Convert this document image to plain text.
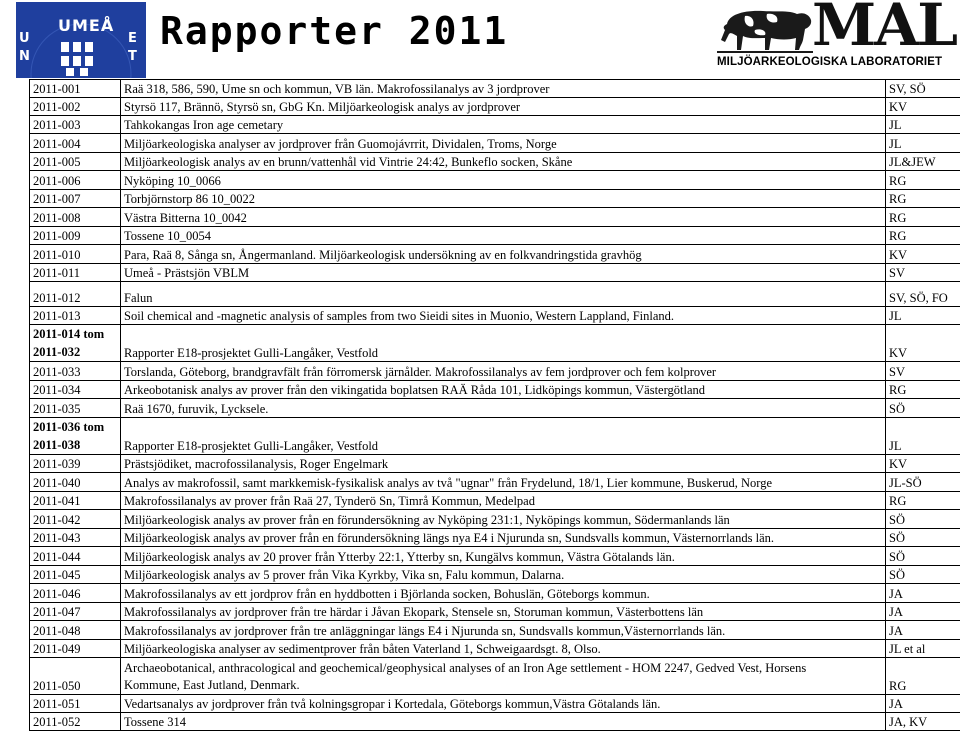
UMEÅ
UN
ET
Rapporter 2011	MAL
MILJÖARKEOLOGISKA LABORATORIET
2011-001	Raä 318, 586, 590, Ume sn och kommun, VB län. Makrofossilanalys av 3 jordprover	SV, SÖ
2011-002	Styrsö 117, Brännö, Styrsö sn, GbG Kn. Miljöarkeologisk analys av jordprover	KV
2011-003	Tahkokangas Iron age cemetary	JL
2011-004	Miljöarkeologiska analyser av jordprover från Guomojávrrit, Dividalen, Troms, Norge	JL
2011-005	Miljöarkeologisk analys av en brunn/vattenhål vid Vintrie 24:42, Bunkeflo socken, Skåne	JL&JEW
2011-006	Nyköping 10_0066	RG
2011-007	Torbjörnstorp 86 10_0022	RG
2011-008	Västra Bitterna 10_0042	RG
2011-009	Tossene 10_0054	RG
2011-010	Para, Raä 8, Sånga sn, Ångermanland. Miljöarkeologisk undersökning av en folkvandringstida gravhög	KV
2011-011	Umeå - Prästsjön VBLM	SV
2011-012	Falun	SV, SÖ, FO
2011-013	Soil chemical and -magnetic analysis of samples from two Sieidi sites in Muonio, Western Lappland, Finland.	JL

2011-014 tom
2011-032	Rapporter E18-prosjektet Gulli-Langåker, Vestfold	KV
2011-033	Torslanda, Göteborg, brandgravfält från förromersk järnålder. Makrofossilanalys av fem jordprover och fem kolprover	SV
2011-034	Arkeobotanisk analys av prover från den vikingatida boplatsen RAÄ Råda 101, Lidköpings kommun, Västergötland	RG
2011-035	Raä 1670, furuvik, Lycksele.	SÖ

2011-036 tom
2011-038	Rapporter E18-prosjektet Gulli-Langåker, Vestfold	JL
2011-039	Prästsjödiket, macrofossilanalysis, Roger Engelmark	KV
2011-040	Analys av makrofossil, samt markkemisk-fysikalisk analys av två "ugnar" från Frydelund, 18/1, Lier kommune, Buskerud, Norge	JL-SÖ
2011-041	Makrofossilanalys av prover från Raä 27, Tynderö Sn, Timrå Kommun, Medelpad	RG
2011-042	Miljöarkeologisk analys av prover från en förundersökning av Nyköping 231:1, Nyköpings kommun, Södermanlands län	SÖ
2011-043	Miljöarkeologisk analys av prover från en förundersökning längs nya E4 i Njurunda sn, Sundsvalls kommun, Västernorrlands län.	SÖ
2011-044	Miljöarkeologisk analys av 20 prover från Ytterby 22:1, Ytterby sn, Kungälvs kommun, Västra Götalands län.	SÖ
2011-045	Miljöarkeologisk analys av 5 prover från Vika Kyrkby, Vika sn, Falu kommun, Dalarna.	SÖ
2011-046	Makrofossilanalys av ett jordprov från en hyddbotten i Björlanda socken, Bohuslän, Göteborgs kommun.	JA
2011-047	Makrofossilanalys av jordprover från tre härdar i Jåvan Ekopark, Stensele sn, Storuman kommun, Västerbottens län	JA
2011-048	Makrofossilanalys av jordprover från tre anläggningar längs E4 i Njurunda sn, Sundsvalls kommun,Västernorrlands län.	JA
2011-049	Miljöarkeologiska analyser av sedimentprover från båten Vaterland 1, Schweigaardsgt. 8, Olso.	JL et al
2011-050	Archaeobotanical, anthracological and geochemical/geophysical analyses of an Iron Age settlement - HOM 2247, Gedved Vest, Horsens
Kommune, East Jutland, Denmark.	RG
2011-051	Vedartsanalys av jordprover från två kolningsgropar i Kortedala, Göteborgs kommun,Västra Götalands län.	JA
2011-052	Tossene 314	JA, KV
